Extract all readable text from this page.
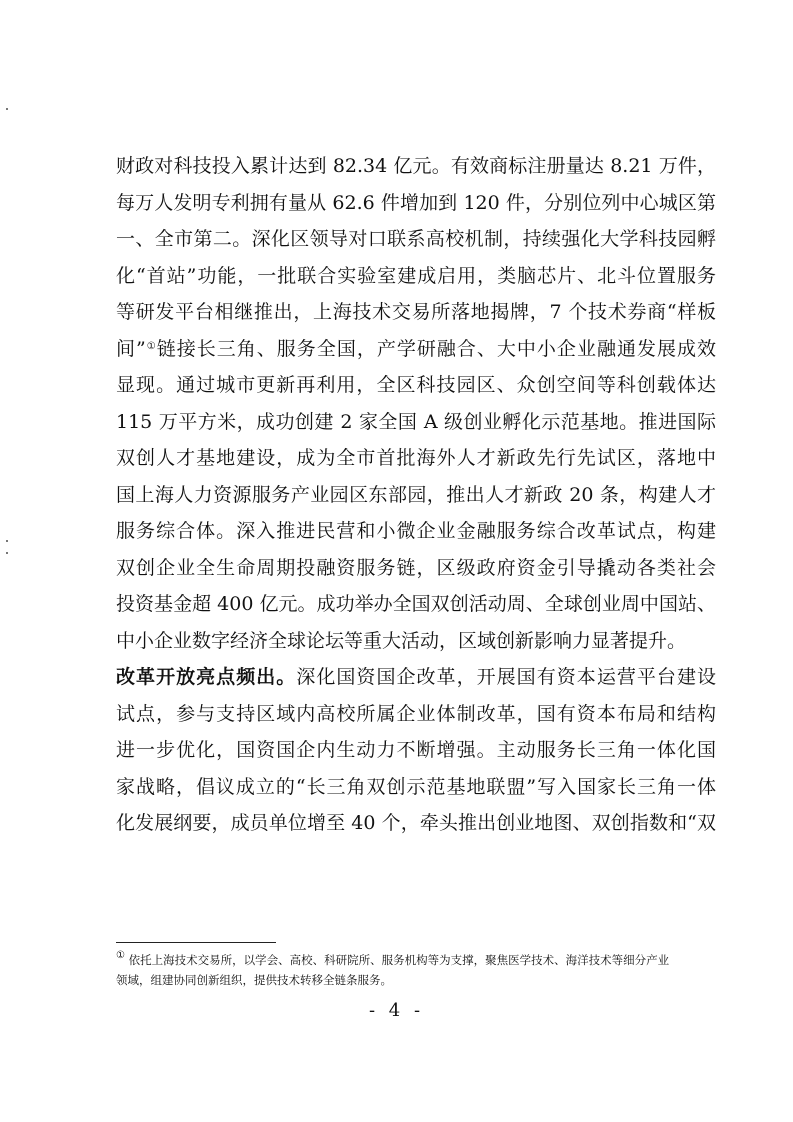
财政对科技投入累计达到 82.34 亿元。有效商标注册量达 8.21 万件，
每万人发明专利拥有量从 62.6 件增加到 120 件，分别位列中心城区第
一、全市第二。深化区领导对口联系高校机制，持续强化大学科技园孵
化“首站”功能，一批联合实验室建成启用，类脑芯片、北斗位置服务
等研发平台相继推出，上海技术交易所落地揭牌，7 个技术券商“样板
间”①链接长三角、服务全国，产学研融合、大中小企业融通发展成效
显现。通过城市更新再利用，全区科技园区、众创空间等科创载体达
115 万平方米，成功创建 2 家全国 A 级创业孵化示范基地。推进国际
双创人才基地建设，成为全市首批海外人才新政先行先试区，落地中
国上海人力资源服务产业园区东部园，推出人才新政 20 条，构建人才
服务综合体。深入推进民营和小微企业金融服务综合改革试点，构建
双创企业全生命周期投融资服务链，区级政府资金引导撬动各类社会
投资基金超 400 亿元。成功举办全国双创活动周、全球创业周中国站、
中小企业数字经济全球论坛等重大活动，区域创新影响力显著提升。
改革开放亮点频出。深化国资国企改革，开展国有资本运营平台建设
试点，参与支持区域内高校所属企业体制改革，国有资本布局和结构
进一步优化，国资国企内生动力不断增强。主动服务长三角一体化国
家战略，倡议成立的“长三角双创示范基地联盟”写入国家长三角一体
化发展纲要，成员单位增至 40 个，牵头推出创业地图、双创指数和“双
① 依托上海技术交易所，以学会、高校、科研院所、服务机构等为支撑，聚焦医学技术、海洋技术等细分产业
领域，组建协同创新组织，提供技术转移全链条服务。
- 4 -
